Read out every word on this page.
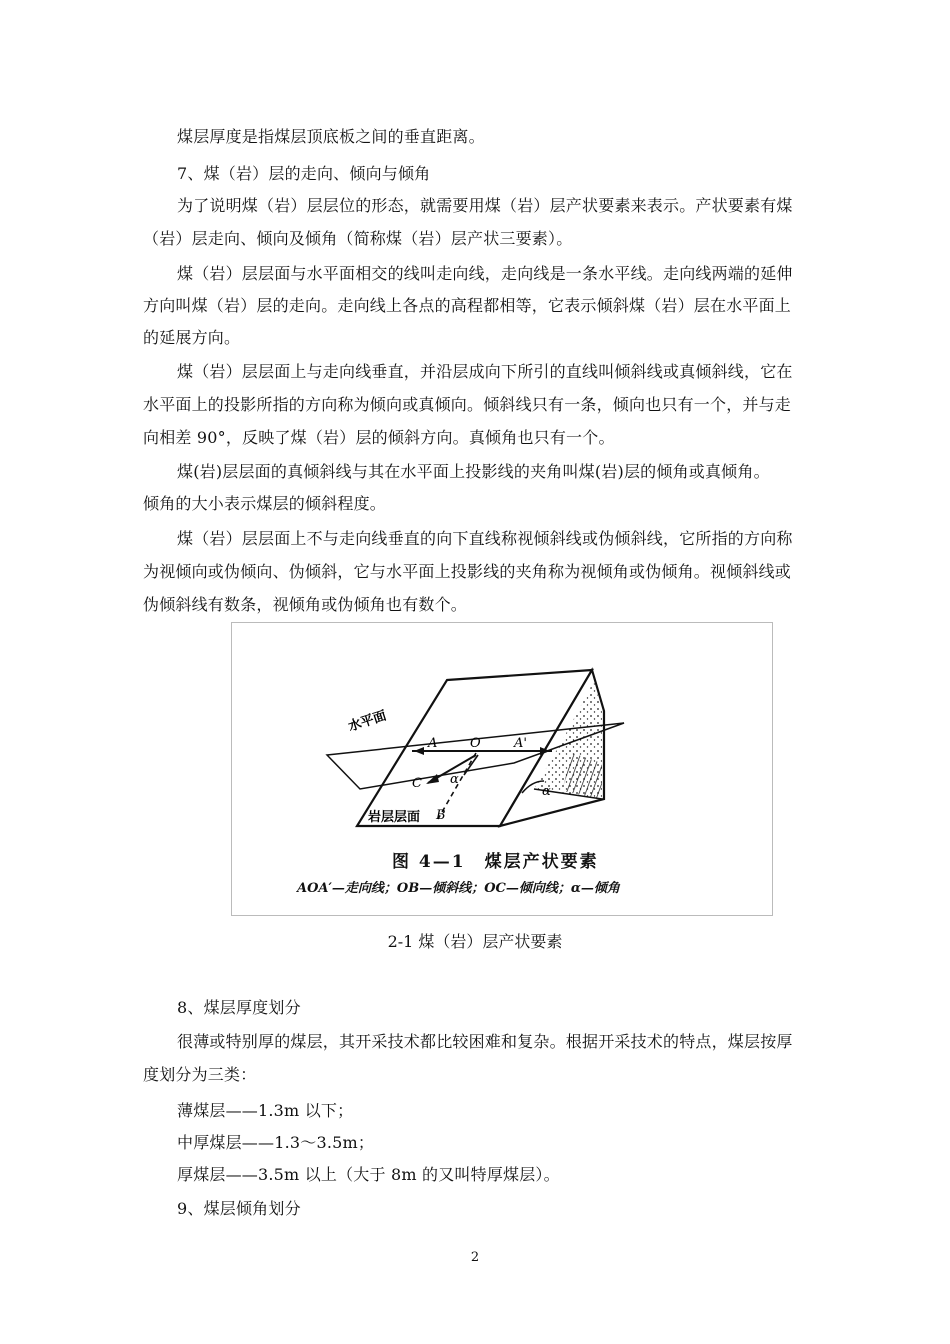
煤层厚度是指煤层顶底板之间的垂直距离。
7、煤（岩）层的走向、倾向与倾角
为了说明煤（岩）层层位的形态，就需要用煤（岩）层产状要素来表示。产状要素有煤
（岩）层走向、倾向及倾角（简称煤（岩）层产状三要素）。
煤（岩）层层面与水平面相交的线叫走向线，走向线是一条水平线。走向线两端的延伸
方向叫煤（岩）层的走向。走向线上各点的高程都相等，它表示倾斜煤（岩）层在水平面上
的延展方向。
煤（岩）层层面上与走向线垂直，并沿层成向下所引的直线叫倾斜线或真倾斜线，它在
水平面上的投影所指的方向称为倾向或真倾向。倾斜线只有一条，倾向也只有一个，并与走
向相差 90°，反映了煤（岩）层的倾斜方向。真倾角也只有一个。
煤(岩)层层面的真倾斜线与其在水平面上投影线的夹角叫煤(岩)层的倾角或真倾角。
倾角的大小表示煤层的倾斜程度。
煤（岩）层层面上不与走向线垂直的向下直线称视倾斜线或伪倾斜线，它所指的方向称
为视倾向或伪倾向、伪倾斜，它与水平面上投影线的夹角称为视倾角或伪倾角。视倾斜线或
伪倾斜线有数条，视倾角或伪倾角也有数个。
水平面
A	O	A'
C α
B
α
岩层层面
图 4—1　煤层产状要素
AOA′—走向线；OB—倾斜线；OC—倾向线；α—倾角
2-1 煤（岩）层产状要素
8、煤层厚度划分
很薄或特别厚的煤层，其开采技术都比较困难和复杂。根据开采技术的特点，煤层按厚
度划分为三类：
薄煤层——1.3m 以下；
中厚煤层——1.3～3.5m；
厚煤层——3.5m 以上（大于 8m 的又叫特厚煤层）。
9、煤层倾角划分
2
